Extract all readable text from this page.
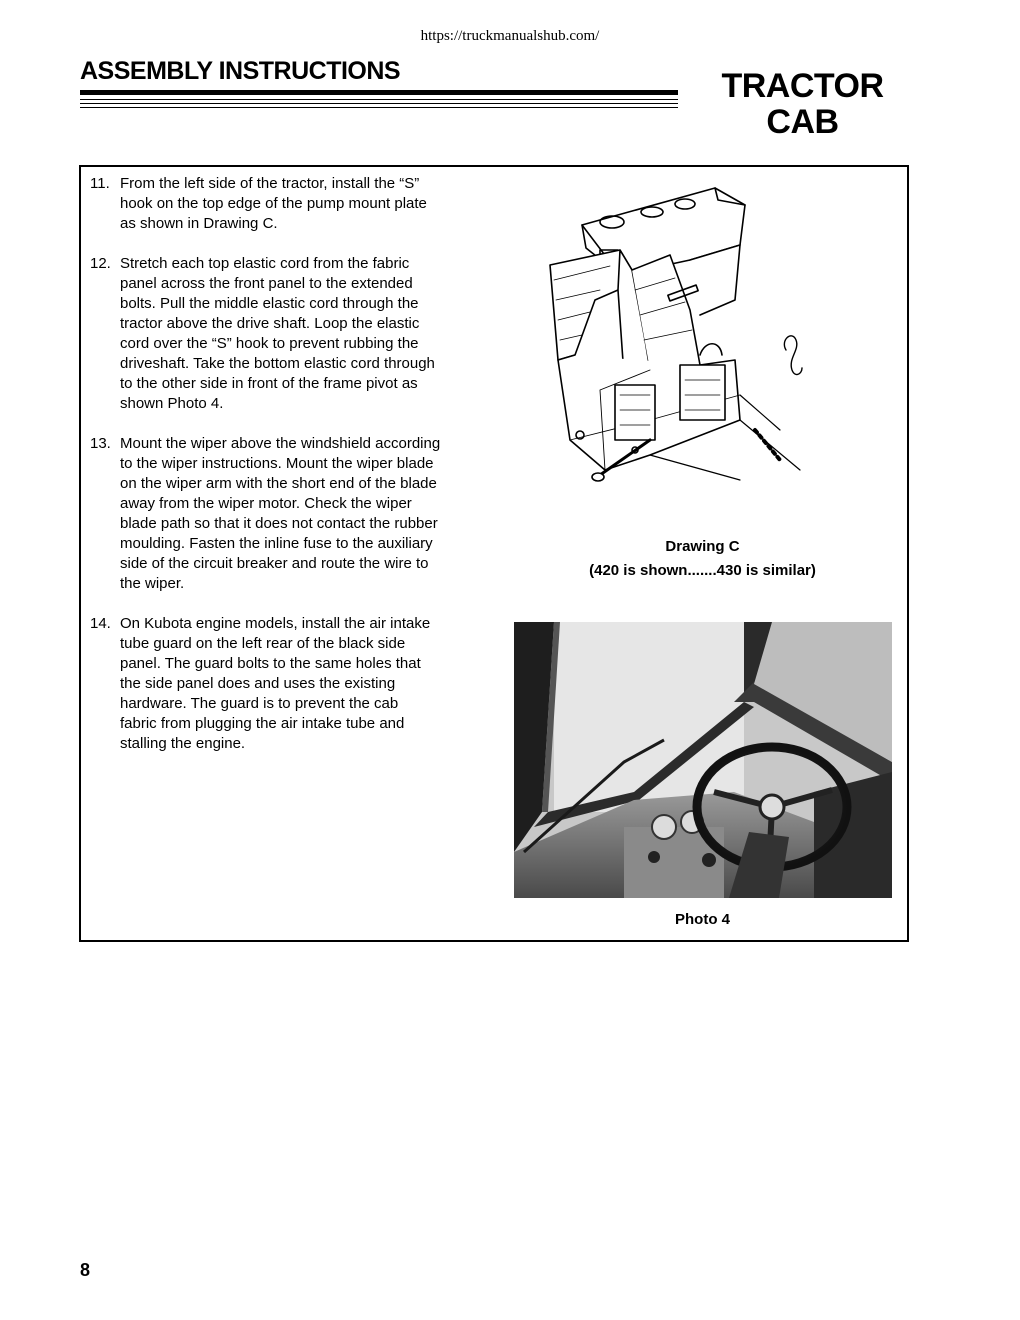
https://truckmanualshub.com/
ASSEMBLY INSTRUCTIONS	TRACTOR
CAB
11. From the left side of the tractor, install the “S”
hook on the top edge of the pump mount plate
as shown in Drawing C.
12. Stretch each top elastic cord from the fabric
panel across the front panel to the extended
bolts. Pull the middle elastic cord through the
tractor above the drive shaft. Loop the elastic
cord over the “S” hook to prevent rubbing the
driveshaft. Take the bottom elastic cord through
to the other side in front of the frame pivot as
shown Photo 4.
13. Mount the wiper above the windshield according
to the wiper instructions. Mount the wiper blade
on the wiper arm with the short end of the blade
away from the wiper motor. Check the wiper
blade path so that it does not contact the rubber
moulding. Fasten the inline fuse to the auxiliary
side of the circuit breaker and route the wire to
the wiper.
14. On Kubota engine models, install the air intake
tube guard on the left rear of the black side
panel. The guard bolts to the same holes that
the side panel does and uses the existing
hardware. The guard is to prevent the cab
fabric from plugging the air intake tube and
stalling the engine.
Drawing C
(420 is shown.......430 is similar)
Photo 4
8
